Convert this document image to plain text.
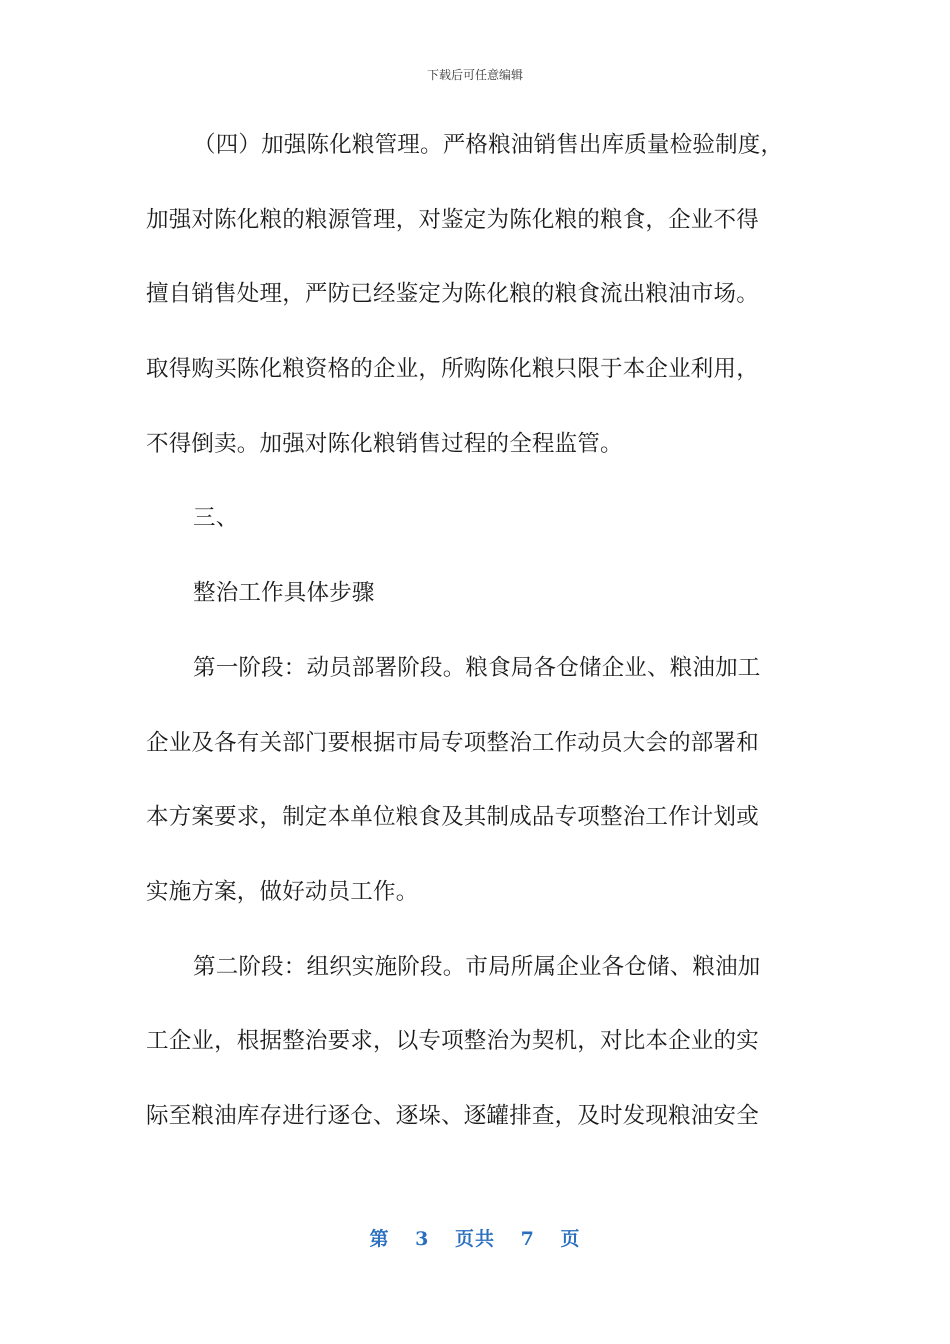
下载后可任意编辑
（四）加强陈化粮管理。严格粮油销售出库质量检验制度，
加强对陈化粮的粮源管理，对鉴定为陈化粮的粮食，企业不得
擅自销售处理，严防已经鉴定为陈化粮的粮食流出粮油市场。
取得购买陈化粮资格的企业，所购陈化粮只限于本企业利用，
不得倒卖。加强对陈化粮销售过程的全程监管。
三、
整治工作具体步骤
第一阶段：动员部署阶段。粮食局各仓储企业、粮油加工
企业及各有关部门要根据市局专项整治工作动员大会的部署和
本方案要求，制定本单位粮食及其制成品专项整治工作计划或
实施方案，做好动员工作。
第二阶段：组织实施阶段。市局所属企业各仓储、粮油加
工企业，根据整治要求，以专项整治为契机，对比本企业的实
际至粮油库存进行逐仓、逐垛、逐罐排查，及时发现粮油安全
第 3 页共 7 页
